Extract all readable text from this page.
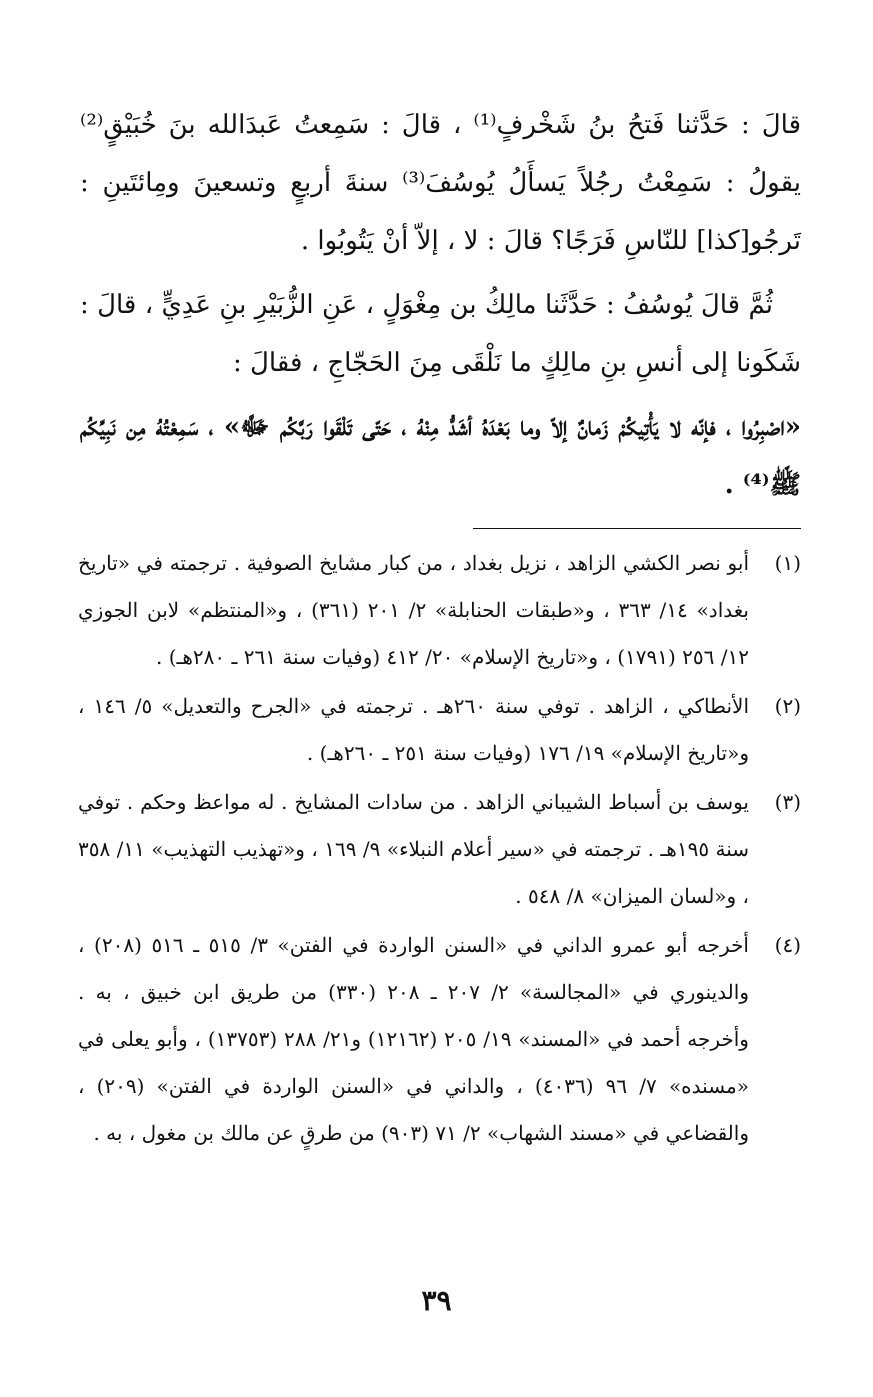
قالَ : حَدَّثنا فَتحُ بنُ شَخْرفٍ⁽¹⁾ ، قالَ : سَمِعتُ عَبدَالله بنَ خُبَيْقٍ⁽²⁾ يقولُ : سَمِعْتُ رجُلاً يَسأَلُ يُوسُفَ⁽³⁾ سنةَ أربعٍ وتسعينَ ومِائتَينِ : تَرجُو[كذا] للنّاسِ فَرَجًا؟ قالَ : لا ، إلاّ أنْ يَتُوبُوا .

ثُمَّ قالَ يُوسُفُ : حَدَّثَنا مالِكُ بن مِغْوَلٍ ، عَنِ الزُّبَيْرِ بنِ عَدِيٍّ ، قالَ : شَكَونا إلى أنسِ بنِ مالِكٍ ما نَلْقَى مِنَ الحَجّاجِ ، فقالَ :

«اصْبِرُوا ، فإنّه لا يَأْتِيكُمْ زَمانٌ إلاّ وما بَعْدَهُ أشَدُّ مِنْهُ ، حَتّى تَلْقَوا رَبَّكُم ﷻ» ، سَمِعْتُهُ مِن نَبِيِّكُم ﷺ⁽⁴⁾ .

(١)
أبو نصر الكشي الزاهد ، نزيل بغداد ، من كبار مشايخ الصوفية . ترجمته في «تاريخ بغداد» ١٤/ ٣٦٣ ، و«طبقات الحنابلة» ٢/ ٢٠١ (٣٦١) ، و«المنتظم» لابن الجوزي ١٢/ ٢٥٦ (١٧٩١) ، و«تاريخ الإسلام» ٢٠/ ٤١٢ (وفيات سنة ٢٦١ ـ ٢٨٠هـ) .
(٢)
الأنطاكي ، الزاهد . توفي سنة ٢٦٠هـ . ترجمته في «الجرح والتعديل» ٥/ ١٤٦ ، و«تاريخ الإسلام» ١٩/ ١٧٦ (وفيات سنة ٢٥١ ـ ٢٦٠هـ) .
(٣)
يوسف بن أسباط الشيباني الزاهد . من سادات المشايخ . له مواعظ وحكم . توفي سنة ١٩٥هـ . ترجمته في «سير أعلام النبلاء» ٩/ ١٦٩ ، و«تهذيب التهذيب» ١١/ ٣٥٨ ، و«لسان الميزان» ٨/ ٥٤٨ .
(٤)
أخرجه أبو عمرو الداني في «السنن الواردة في الفتن» ٣/ ٥١٥ ـ ٥١٦ (٢٠٨) ، والدينوري في «المجالسة» ٢/ ٢٠٧ ـ ٢٠٨ (٣٣٠) من طريق ابن خبيق ، به . وأخرجه أحمد في «المسند» ١٩/ ٢٠٥ (١٢١٦٢) و٢١/ ٢٨٨ (١٣٧٥٣) ، وأبو يعلى في «مسنده» ٧/ ٩٦ (٤٠٣٦) ، والداني في «السنن الواردة في الفتن» (٢٠٩) ، والقضاعي في «مسند الشهاب» ٢/ ٧١ (٩٠٣) من طرقٍ عن مالك بن مغول ، به .
٣٩
